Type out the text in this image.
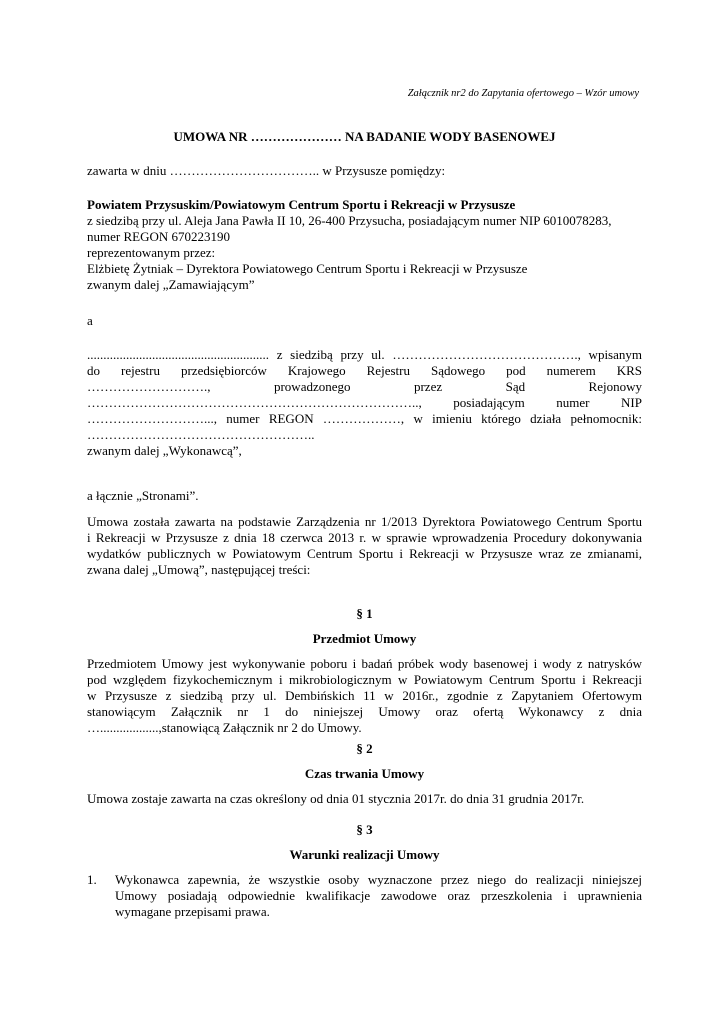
Załącznik nr2 do Zapytania ofertowego – Wzór umowy
UMOWA NR ………………… NA BADANIE WODY BASENOWEJ
zawarta w dniu …………………………….. w Przysusze pomiędzy:
Powiatem Przysuskim/Powiatowym Centrum Sportu i Rekreacji w Przysusze
z siedzibą przy ul. Aleja Jana Pawła II 10, 26-400 Przysucha, posiadającym numer NIP 6010078283,
numer REGON 670223190
reprezentowanym przez:
Elżbietę Żytniak – Dyrektora Powiatowego Centrum Sportu i Rekreacji w Przysusze
zwanym dalej „Zamawiającym”
a
........................................................ z siedzibą przy ul. ……………………………………., wpisanym
do rejestru przedsiębiorców Krajowego Rejestru Sądowego pod numerem KRS
………………………., prowadzonego przez Sąd Rejonowy
………………………………………………………………….., posiadającym numer NIP
………………………..., numer REGON ………………, w imieniu którego działa pełnomocnik:
……………………………………………..
zwanym dalej „Wykonawcą”,
a łącznie „Stronami”.
Umowa została zawarta na podstawie Zarządzenia nr 1/2013 Dyrektora Powiatowego Centrum Sportu
i Rekreacji w Przysusze z dnia 18 czerwca 2013 r. w sprawie wprowadzenia Procedury dokonywania
wydatków publicznych w Powiatowym Centrum Sportu i Rekreacji w Przysusze wraz ze zmianami,
zwana dalej „Umową”, następującej treści:
§ 1
Przedmiot Umowy
Przedmiotem Umowy jest wykonywanie poboru i badań próbek wody basenowej i wody z natrysków
pod względem fizykochemicznym i mikrobiologicznym w Powiatowym Centrum Sportu i Rekreacji
w Przysusze z siedzibą przy ul. Dembińskich 11 w 2016r., zgodnie z Zapytaniem Ofertowym
stanowiącym Załącznik nr 1 do niniejszej Umowy oraz ofertą Wykonawcy z dnia
…..................,stanowiącą Załącznik nr 2 do Umowy.
§ 2
Czas trwania Umowy
Umowa zostaje zawarta na czas określony od dnia 01 stycznia 2017r. do dnia 31 grudnia 2017r.
§ 3
Warunki realizacji Umowy
1. Wykonawca zapewnia, że wszystkie osoby wyznaczone przez niego do realizacji niniejszej
Umowy posiadają odpowiednie kwalifikacje zawodowe oraz przeszkolenia i uprawnienia
wymagane przepisami prawa.
